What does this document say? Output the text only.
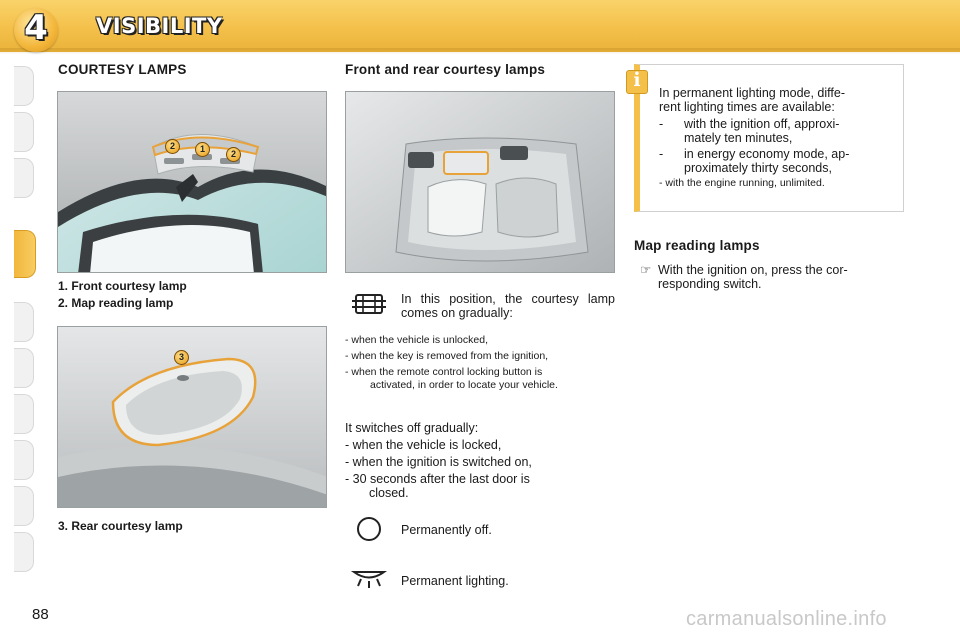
4	VISIBILITY
COURTESY LAMPS
2	1	2
1. Front courtesy lamp
2. Map reading lamp
3
3. Rear courtesy lamp
Front and rear courtesy lamps
In this position, the courtesy lamp comes on gradually:
- when the vehicle is unlocked,
- when the key is removed from the ignition,
- when the remote control locking button is
activated, in order to locate your vehicle.
It switches off gradually:
- when the vehicle is locked,
- when the ignition is switched on,
- 30 seconds after the last door is
closed.
Permanently off.
Permanent lighting.
i
In permanent lighting mode, diffe-
rent lighting times are available:
- with the ignition off, approxi-
mately ten minutes,
- in energy economy mode, ap-
proximately thirty seconds,
- with the engine running, unlimited.
Map reading lamps
☞ With the ignition on, press the cor-
responding switch.
88	carmanualsonline.info
